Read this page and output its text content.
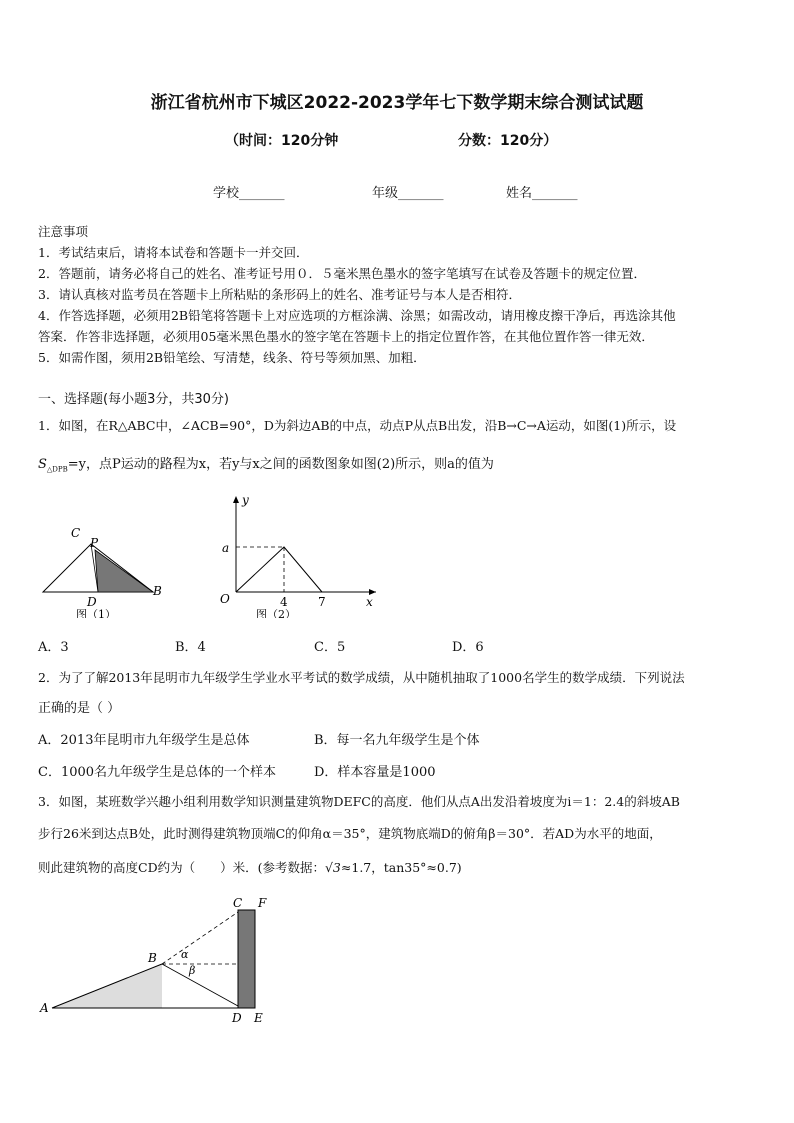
浙江省杭州市下城区2022-2023学年七下数学期末综合测试试题
（时间：120分钟	分数：120分）
学校_______	年级_______	姓名_______
注意事项
1．考试结束后，请将本试卷和答题卡一并交回．
2．答题前，请务必将自己的姓名、准考证号用０．５毫米黑色墨水的签字笔填写在试卷及答题卡的规定位置．
3．请认真核对监考员在答题卡上所粘贴的条形码上的姓名、准考证号与本人是否相符．
4．作答选择题，必须用2B铅笔将答题卡上对应选项的方框涂满、涂黑；如需改动，请用橡皮擦干净后，再选涂其他
答案．作答非选择题，必须用05毫米黑色墨水的签字笔在答题卡上的指定位置作答，在其他位置作答一律无效．
5．如需作图，须用2B铅笔绘、写清楚，线条、符号等须加黑、加粗．
一、选择题(每小题3分，共30分)
1．如图，在R△ABC中，∠ACB=90°，D为斜边AB的中点，动点P从点B出发，沿B→C→A运动，如图(1)所示，设
$S_{\triangle DPB}=y$，点P运动的路程为x，若y与x之间的函数图象如图(2)所示，则a的值为
C
P
D
B
图（1）
y
a
O	4	7	x
图（2）
A．3	B．4	C．5	D．6
2．为了了解2013年昆明市九年级学生学业水平考试的数学成绩，从中随机抽取了1000名学生的数学成绩．下列说法
正确的是（ ）
A．2013年昆明市九年级学生是总体	B．每一名九年级学生是个体
C．1000名九年级学生是总体的一个样本	D．样本容量是1000
3．如图，某班数学兴趣小组利用数学知识测量建筑物DEFC的高度．他们从点A出发沿着坡度为i＝1：2.4的斜坡AB
步行26米到达点B处，此时测得建筑物顶端C的仰角α＝35°，建筑物底端D的俯角β＝30°．若AD为水平的地面，
则此建筑物的高度CD约为（　　）米．(参考数据：√3≈1.7，tan35°≈0.7)
A
B
C F
D E
α
β
